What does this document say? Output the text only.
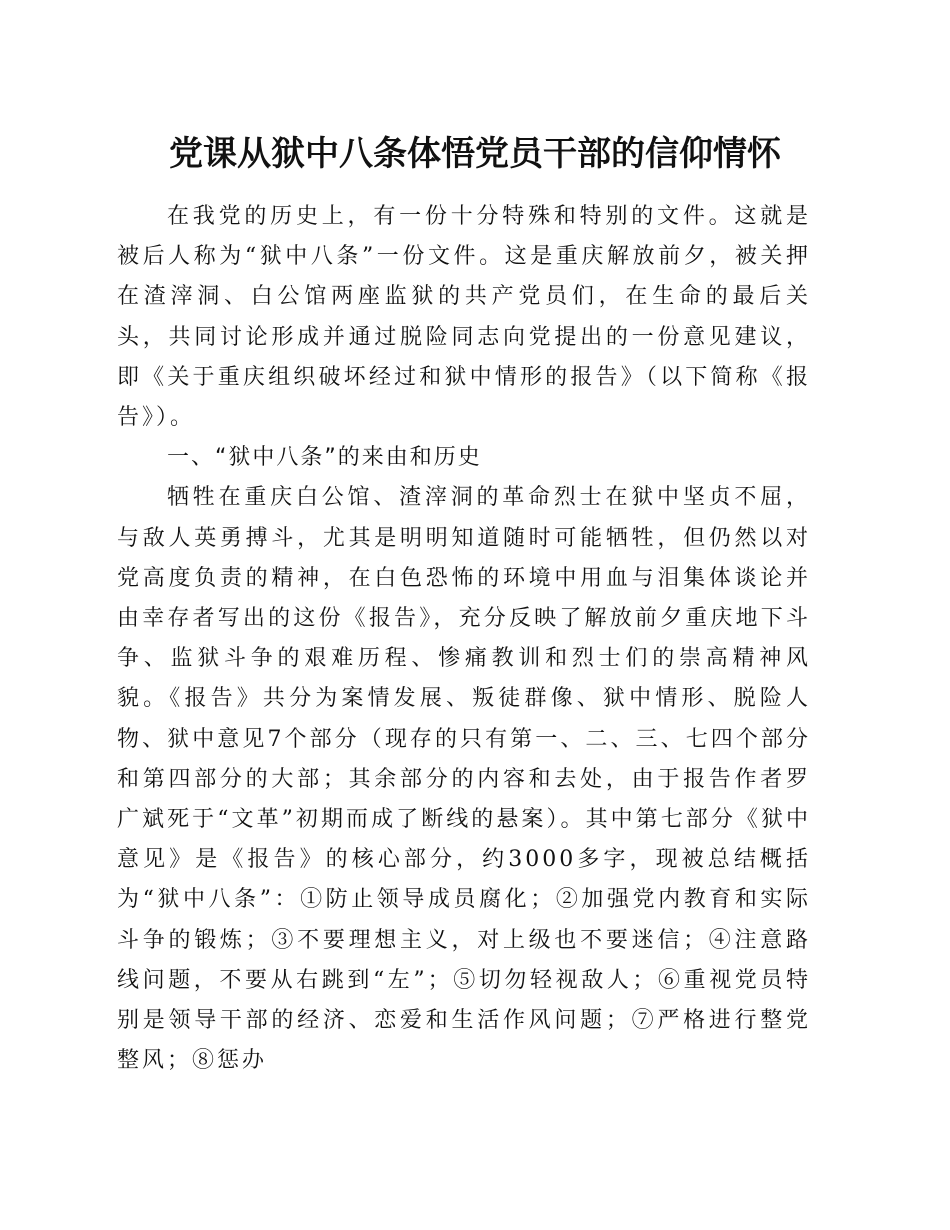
党课从狱中八条体悟党员干部的信仰情怀

在我党的历史上，有一份十分特殊和特别的文件。这就是被后人称为“狱中八条”一份文件。这是重庆解放前夕，被关押在渣滓洞、白公馆两座监狱的共产党员们，在生命的最后关头，共同讨论形成并通过脱险同志向党提出的一份意见建议，即《关于重庆组织破坏经过和狱中情形的报告》（以下简称《报告》）。

一、“狱中八条”的来由和历史

牺牲在重庆白公馆、渣滓洞的革命烈士在狱中坚贞不屈，与敌人英勇搏斗，尤其是明明知道随时可能牺牲，但仍然以对党高度负责的精神，在白色恐怖的环境中用血与泪集体谈论并由幸存者写出的这份《报告》，充分反映了解放前夕重庆地下斗争、监狱斗争的艰难历程、惨痛教训和烈士们的崇高精神风貌。《报告》共分为案情发展、叛徒群像、狱中情形、脱险人物、狱中意见7个部分（现存的只有第一、二、三、七四个部分和第四部分的大部；其余部分的内容和去处，由于报告作者罗广斌死于“文革”初期而成了断线的悬案）。其中第七部分《狱中意见》是《报告》的核心部分，约3000多字，现被总结概括为“狱中八条”：①防止领导成员腐化；②加强党内教育和实际斗争的锻炼；③不要理想主义，对上级也不要迷信；④注意路线问题，不要从右跳到“左”；⑤切勿轻视敌人；⑥重视党员特别是领导干部的经济、恋爱和生活作风问题；⑦严格进行整党整风；⑧惩办
